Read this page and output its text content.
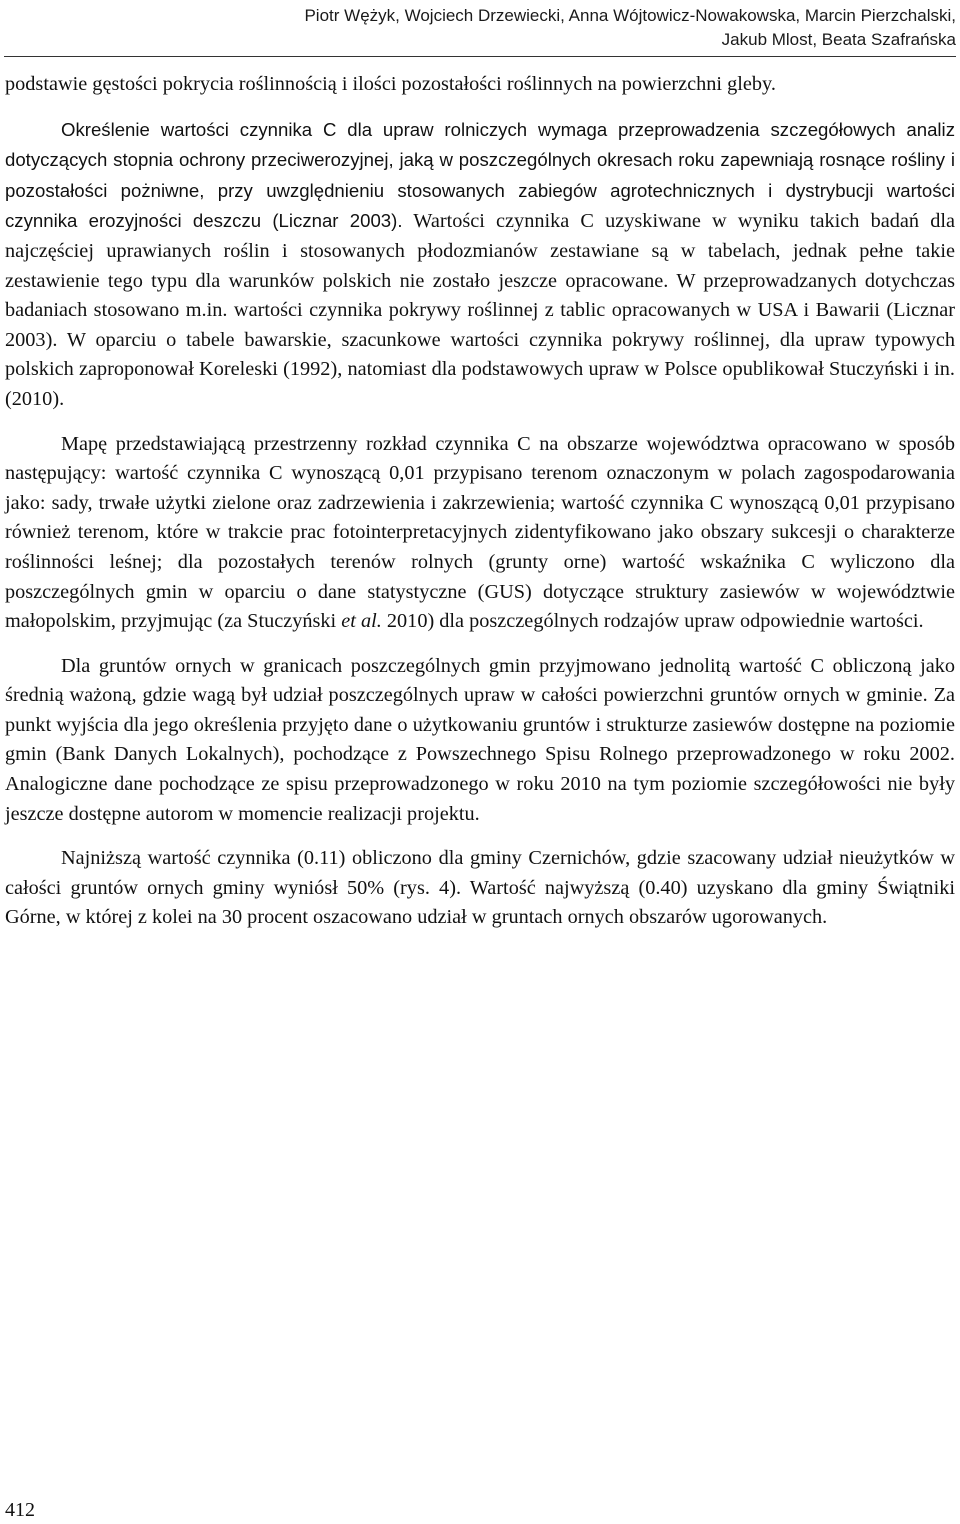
Piotr Wężyk, Wojciech Drzewiecki, Anna Wójtowicz-Nowakowska, Marcin Pierzchalski,
Jakub Mlost, Beata Szafrańska

podstawie gęstości pokrycia roślinnością i ilości pozostałości roślinnych na powierzchni gleby.

Określenie wartości czynnika C dla upraw rolniczych wymaga przeprowadzenia szczegółowych analiz dotyczących stopnia ochrony przeciwerozyjnej, jaką w poszczególnych okresach roku zapewniają rosnące rośliny i pozostałości pożniwne, przy uwzględnieniu stosowanych zabiegów agrotechnicznych i dystrybucji wartości czynnika erozyjności deszczu (Licznar 2003). Wartości czynnika C uzyskiwane w wyniku takich badań dla najczęściej uprawianych roślin i stosowanych płodozmianów zestawiane są w tabelach, jednak pełne takie zestawienie tego typu dla warunków polskich nie zostało jeszcze opracowane. W przeprowadzanych dotychczas badaniach stosowano m.in. wartości czynnika pokrywy roślinnej z tablic opracowanych w USA i Bawarii (Licznar 2003). W oparciu o tabele bawarskie, szacunkowe wartości czynnika pokrywy roślinnej, dla upraw typowych polskich zaproponował Koreleski (1992), natomiast dla podstawowych upraw w Polsce opublikował Stuczyński i in. (2010).

Mapę przedstawiającą przestrzenny rozkład czynnika C na obszarze województwa opracowano w sposób następujący: wartość czynnika C wynoszącą 0,01 przypisano terenom oznaczonym w polach zagospodarowania jako: sady, trwałe użytki zielone oraz zadrzewienia i zakrzewienia; wartość czynnika C wynoszącą 0,01 przypisano również terenom, które w trakcie prac fotointerpretacyjnych zidentyfikowano jako obszary sukcesji o charakterze roślinności leśnej; dla pozostałych terenów rolnych (grunty orne) wartość wskaźnika C wyliczono dla poszczególnych gmin w oparciu o dane statystyczne (GUS) dotyczące struktury zasiewów w województwie małopolskim, przyjmując (za Stuczyński et al. 2010) dla poszczególnych rodzajów upraw odpowiednie wartości.

Dla gruntów ornych w granicach poszczególnych gmin przyjmowano jednolitą wartość C obliczoną jako średnią ważoną, gdzie wagą był udział poszczególnych upraw w całości powierzchni gruntów ornych w gminie. Za punkt wyjścia dla jego określenia przyjęto dane o użytkowaniu gruntów i strukturze zasiewów dostępne na poziomie gmin (Bank Danych Lokalnych), pochodzące z Powszechnego Spisu Rolnego przeprowadzonego w roku 2002. Analogiczne dane pochodzące ze spisu przeprowadzonego w roku 2010 na tym poziomie szczegółowości nie były jeszcze dostępne autorom w momencie realizacji projektu.

Najniższą wartość czynnika (0.11) obliczono dla gminy Czernichów, gdzie szacowany udział nieużytków w całości gruntów ornych gminy wyniósł 50% (rys. 4). Wartość najwyższą (0.40) uzyskano dla gminy Świątniki Górne, w której z kolei na 30 procent oszacowano udział w gruntach ornych obszarów ugorowanych.

412
